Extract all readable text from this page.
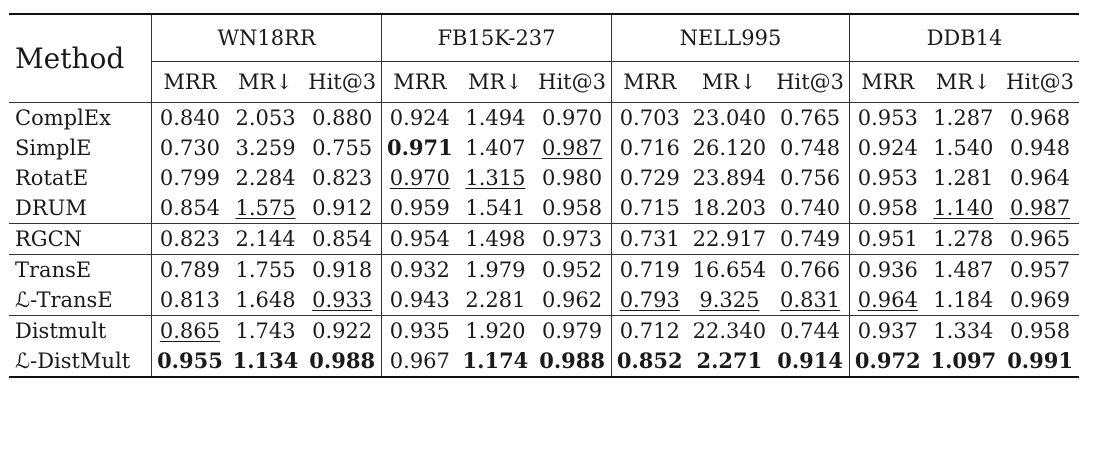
Method	WN18RR			FB15K-237			NELL995			DDB14		
	MRR	MR↓	Hit@3	MRR	MR↓	Hit@3	MRR	MR↓	Hit@3	MRR	MR↓	Hit@3
ComplEx	0.840	2.053	0.880	0.924	1.494	0.970	0.703	23.040	0.765	0.953	1.287	0.968
SimplE	0.730	3.259	0.755	0.971	1.407	0.987	0.716	26.120	0.748	0.924	1.540	0.948
RotatE	0.799	2.284	0.823	0.970	1.315	0.980	0.729	23.894	0.756	0.953	1.281	0.964
DRUM	0.854	1.575	0.912	0.959	1.541	0.958	0.715	18.203	0.740	0.958	1.140	0.987
RGCN	0.823	2.144	0.854	0.954	1.498	0.973	0.731	22.917	0.749	0.951	1.278	0.965
TransE	0.789	1.755	0.918	0.932	1.979	0.952	0.719	16.654	0.766	0.936	1.487	0.957
ℒ-TransE	0.813	1.648	0.933	0.943	2.281	0.962	0.793	9.325	0.831	0.964	1.184	0.969
Distmult	0.865	1.743	0.922	0.935	1.920	0.979	0.712	22.340	0.744	0.937	1.334	0.958
ℒ-DistMult	0.955	1.134	0.988	0.967	1.174	0.988	0.852	2.271	0.914	0.972	1.097	0.991
